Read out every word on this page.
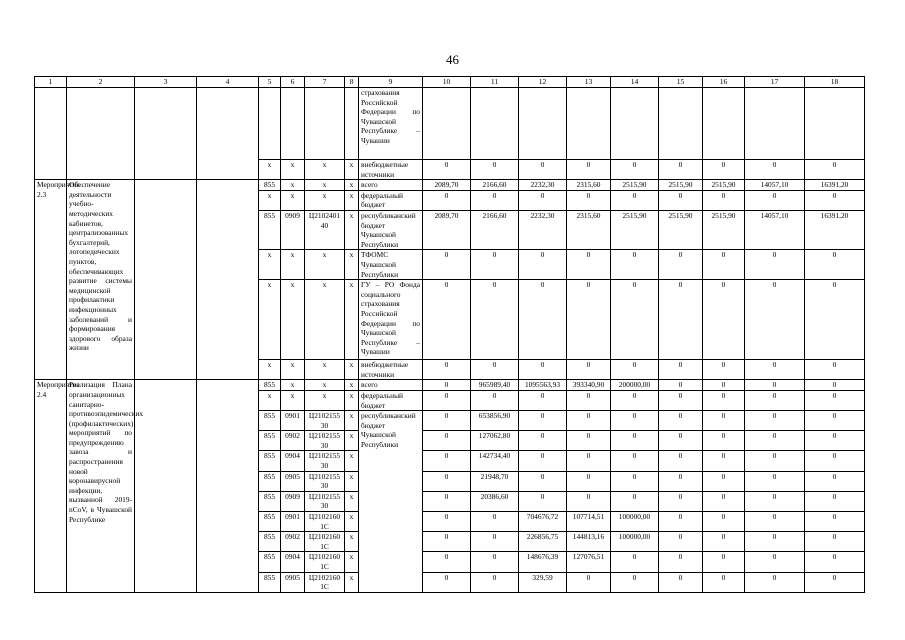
46
1	2	3	4	5	6	7	8	9	10	11	12	13	14	15	16	17	18
								страхования Российской Федерации по Чувашской Республике – Чувашии									
				х	х	х	х	внебюджетные источники	0	0	0	0	0	0	0	0	0
Мероприятие 2.3	Обеспечение деятельности учебно-методических кабинетов, централизованных бухгалтерий, логопедических пунктов, обеспечивающих развитие системы медицинской профилактики инфекционных заболеваний и формирования здорового образа жизни			855	х	х	х	всего	2089,70	2166,60	2232,30	2315,60	2515,90	2515,90	2515,90	14057,10	16391,20
				х	х	х	х	федеральный бюджет	0	0	0	0	0	0	0	0	0
				855	0909	Ц2102401 40	х	республиканский бюджет Чувашской Республики	2089,70	2166,60	2232,30	2315,60	2515,90	2515,90	2515,90	14057,10	16391,20
				х	х	х	х	ТФОМС Чувашской Республики	0	0	0	0	0	0	0	0	0
				х	х	х	х	ГУ – РО Фонда социального страхования Российской Федерации по Чувашской Республике – Чувашии	0	0	0	0	0	0	0	0	0
				х	х	х	х	внебюджетные источники	0	0	0	0	0	0	0	0	0
Мероприятие 2.4	Реализация Плана организационных санитарно-противоэпидемических (профилактических) мероприятий по предупреждению завоза и распространения новой коронавирусной инфекции, вызванной 2019-nCoV, в Чувашской Республике			855	х	х	х	всего	0	965989,40	1095563,93	393340,90	200000,00	0	0	0	0
				х	х	х	х	федеральный бюджет	0	0	0	0	0	0	0	0	0
				855	0901	Ц2102155 30	х	республиканский бюджет Чувашской Республики	0	653856,90	0	0	0	0	0	0	0
				855	0902	Ц2102155 30	х		0	127062,80	0	0	0	0	0	0	0
				855	0904	Ц2102155 30	х		0	142734,40	0	0	0	0	0	0	0
				855	0905	Ц2102155 30	х		0	21948,70	0	0	0	0	0	0	0
				855	0909	Ц2102155 30	х		0	20386,60	0	0	0	0	0	0	0
				855	0901	Ц2102160 1С	х		0	0	704676,72	107714,51	100000,00	0	0	0	0
				855	0902	Ц2102160 1С	х		0	0	226856,75	144813,16	100000,00	0	0	0	0
				855	0904	Ц2102160 1С	х		0	0	148676,39	127076,51	0	0	0	0	0
				855	0905	Ц2102160 1С	х		0	0	329,59	0	0	0	0	0	0
